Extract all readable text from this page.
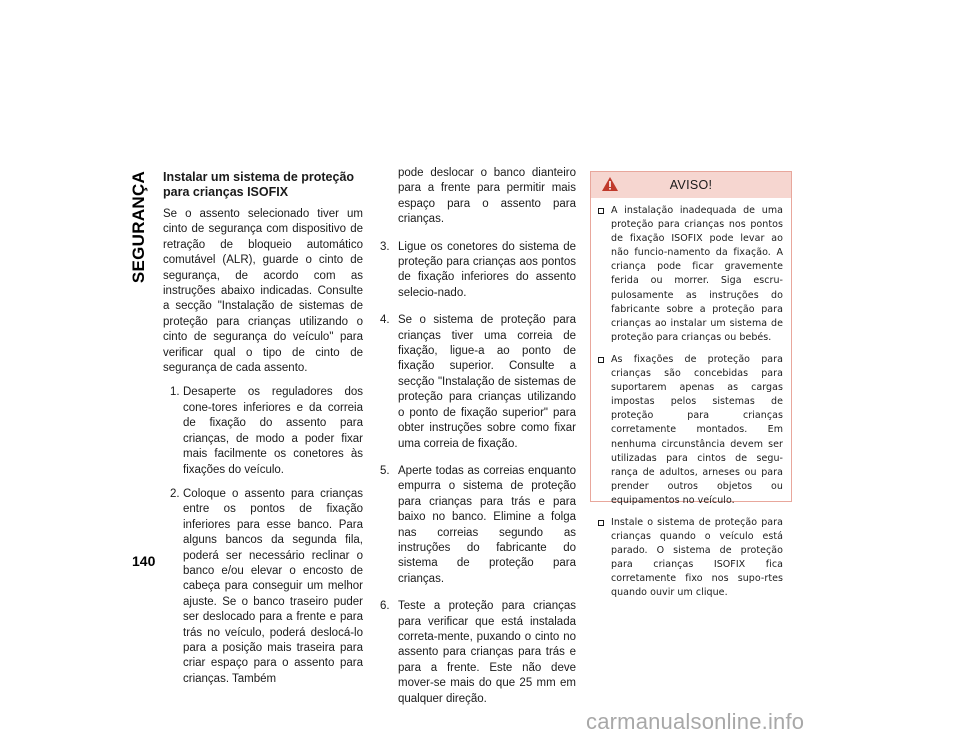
SEGURANÇA
140
Instalar um sistema de proteção para crianças ISOFIX

Se o assento selecionado tiver um cinto de segurança com dispositivo de retração de bloqueio automático comutável (ALR), guarde o cinto de segurança, de acordo com as instruções abaixo indicadas. Consulte a secção "Instalação de sistemas de proteção para crianças utilizando o cinto de segurança do veículo" para verificar qual o tipo de cinto de segurança de cada assento.

1. Desaperte os reguladores dos cone-tores inferiores e da correia de fixação do assento para crianças, de modo a poder fixar mais facilmente os conetores às fixações do veículo.

2. Coloque o assento para crianças entre os pontos de fixação inferiores para esse banco. Para alguns bancos da segunda fila, poderá ser necessário reclinar o banco e/ou elevar o encosto de cabeça para conseguir um melhor ajuste. Se o banco traseiro puder ser deslocado para a frente e para trás no veículo, poderá deslocá-lo para a posição mais traseira para criar espaço para o assento para crianças. Também

pode deslocar o banco dianteiro para a frente para permitir mais espaço para o assento para crianças.

3. Ligue os conetores do sistema de proteção para crianças aos pontos de fixação inferiores do assento selecio-nado.

4. Se o sistema de proteção para crianças tiver uma correia de fixação, ligue-a ao ponto de fixação superior. Consulte a secção "Instalação de sistemas de proteção para crianças utilizando o ponto de fixação superior" para obter instruções sobre como fixar uma correia de fixação.

5. Aperte todas as correias enquanto empurra o sistema de proteção para crianças para trás e para baixo no banco. Elimine a folga nas correias segundo as instruções do fabricante do sistema de proteção para crianças.

6. Teste a proteção para crianças para verificar que está instalada correta-mente, puxando o cinto no assento para crianças para trás e para a frente. Este não deve mover-se mais do que 25 mm em qualquer direção.

AVISO!

A instalação inadequada de uma proteção para crianças nos pontos de fixação ISOFIX pode levar ao não funcio-namento da fixação. A criança pode ficar gravemente ferida ou morrer. Siga escru-pulosamente as instruções do fabricante sobre a proteção para crianças ao instalar um sistema de proteção para crianças ou bebés.

As fixações de proteção para crianças são concebidas para suportarem apenas as cargas impostas pelos sistemas de proteção para crianças corretamente montados. Em nenhuma circunstância devem ser utilizadas para cintos de segu-rança de adultos, arneses ou para prender outros objetos ou equipamentos no veículo.

Instale o sistema de proteção para crianças quando o veículo está parado. O sistema de proteção para crianças ISOFIX fica corretamente fixo nos supo-rtes quando ouvir um clique.

carmanualsonline.info
